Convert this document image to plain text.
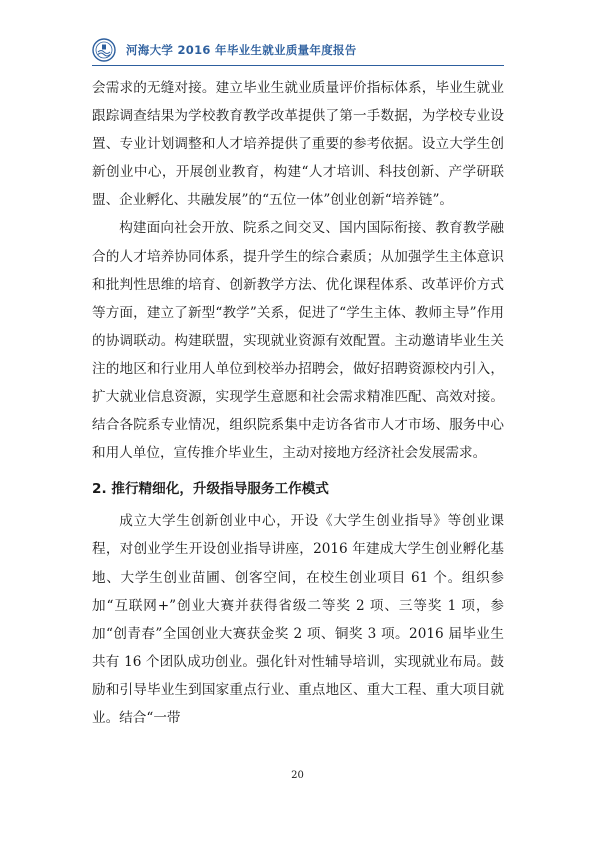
河海大学 2016 年毕业生就业质量年度报告

会需求的无缝对接。建立毕业生就业质量评价指标体系，毕业生就业跟踪调查结果为学校教育教学改革提供了第一手数据，为学校专业设置、专业计划调整和人才培养提供了重要的参考依据。设立大学生创新创业中心，开展创业教育，构建“人才培训、科技创新、产学研联盟、企业孵化、共融发展”的“五位一体”创业创新“培养链”。

构建面向社会开放、院系之间交叉、国内国际衔接、教育教学融合的人才培养协同体系，提升学生的综合素质；从加强学生主体意识和批判性思维的培育、创新教学方法、优化课程体系、改革评价方式等方面，建立了新型“教学”关系，促进了“学生主体、教师主导”作用的协调联动。构建联盟，实现就业资源有效配置。主动邀请毕业生关注的地区和行业用人单位到校举办招聘会，做好招聘资源校内引入，扩大就业信息资源，实现学生意愿和社会需求精准匹配、高效对接。结合各院系专业情况，组织院系集中走访各省市人才市场、服务中心和用人单位，宣传推介毕业生，主动对接地方经济社会发展需求。

2. 推行精细化，升级指导服务工作模式

成立大学生创新创业中心，开设《大学生创业指导》等创业课程，对创业学生开设创业指导讲座，2016 年建成大学生创业孵化基地、大学生创业苗圃、创客空间，在校生创业项目 61 个。组织参加“互联网+”创业大赛并获得省级二等奖 2 项、三等奖 1 项，参加“创青春”全国创业大赛获金奖 2 项、铜奖 3 项。2016 届毕业生共有 16 个团队成功创业。强化针对性辅导培训，实现就业布局。鼓励和引导毕业生到国家重点行业、重点地区、重大工程、重大项目就业。结合“一带

20
